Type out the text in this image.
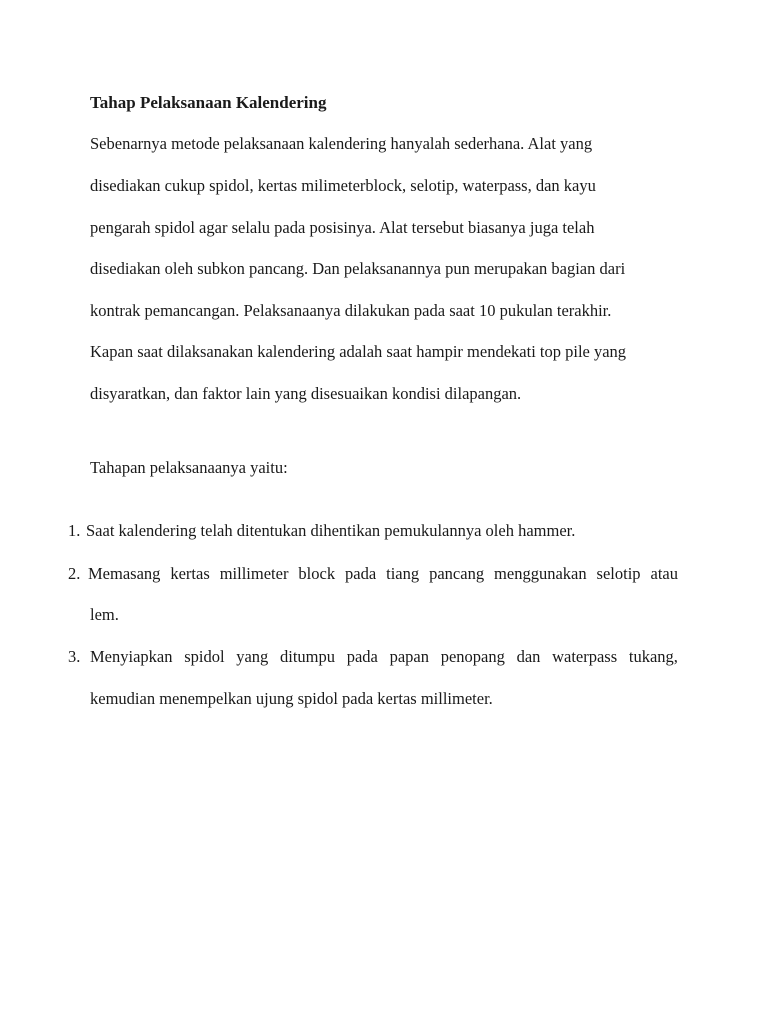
Tahap Pelaksanaan Kalendering

Sebenarnya metode pelaksanaan kalendering hanyalah sederhana. Alat yang

disediakan cukup spidol, kertas milimeterblock, selotip, waterpass, dan kayu

pengarah spidol agar selalu pada posisinya. Alat tersebut biasanya juga telah

disediakan oleh subkon pancang. Dan pelaksanannya pun merupakan bagian dari

kontrak pemancangan. Pelaksanaanya dilakukan pada saat 10 pukulan terakhir.

Kapan saat dilaksanakan kalendering adalah saat hampir mendekati top pile yang

disyaratkan, dan faktor lain yang disesuaikan kondisi dilapangan.

Tahapan pelaksanaanya yaitu:

1. Saat kalendering telah ditentukan dihentikan pemukulannya oleh hammer.
2. Memasang kertas millimeter block pada tiang pancang menggunakan selotip atau
lem.
3. Menyiapkan spidol yang ditumpu pada papan penopang dan waterpass tukang,
kemudian menempelkan ujung spidol pada kertas millimeter.
